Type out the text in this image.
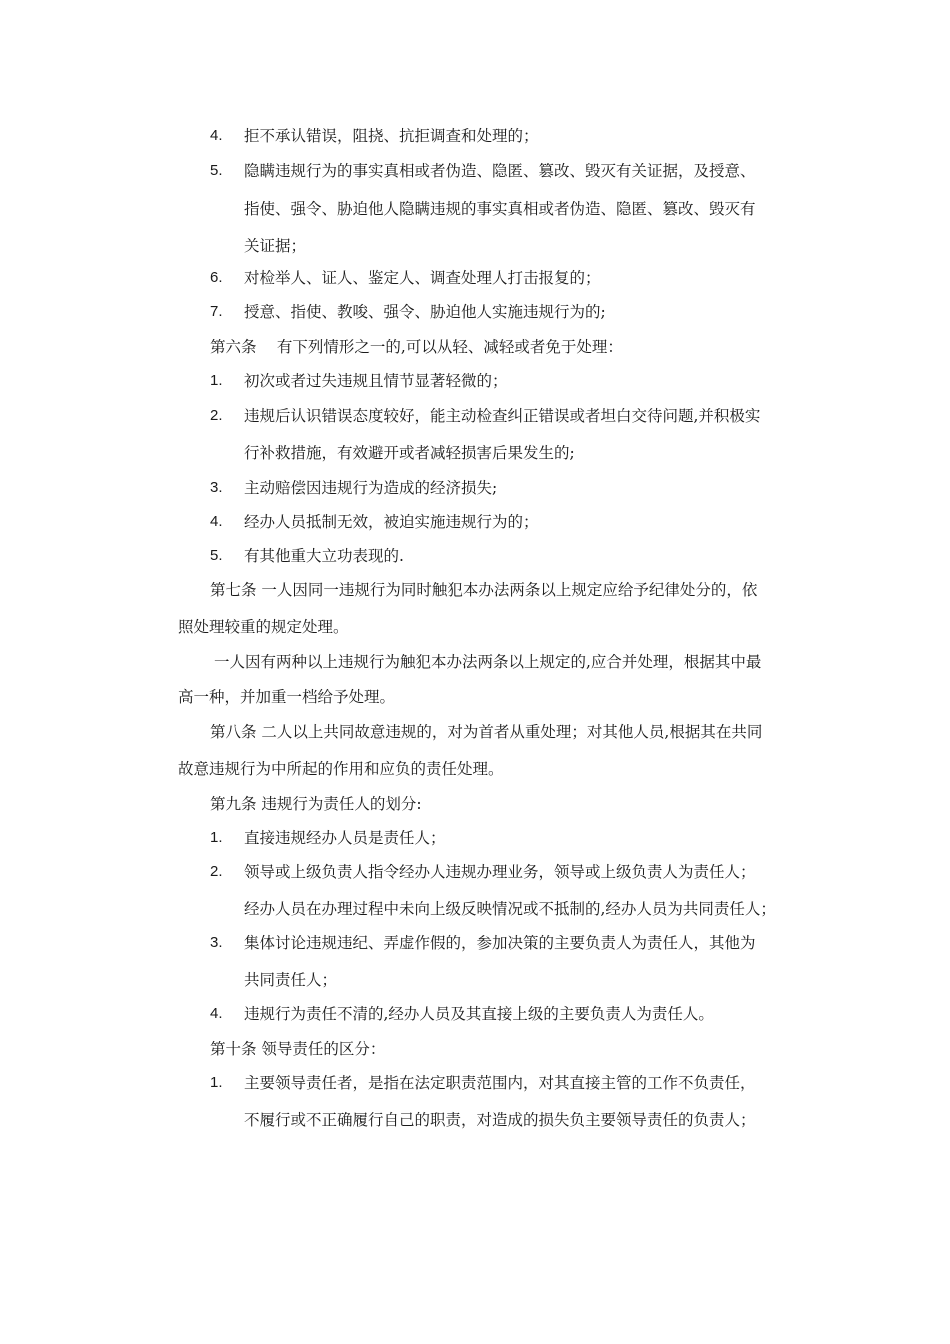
4.	拒不承认错误，阻挠、抗拒调查和处理的；
5.	隐瞒违规行为的事实真相或者伪造、隐匿、篡改、毁灭有关证据，及授意、
指使、强令、胁迫他人隐瞒违规的事实真相或者伪造、隐匿、篡改、毁灭有
关证据；
6.	对检举人、证人、鉴定人、调查处理人打击报复的；
7.	授意、指使、教唆、强令、胁迫他人实施违规行为的;
第六条　 有下列情形之一的,可以从轻、减轻或者免于处理：
1.	初次或者过失违规且情节显著轻微的；
2.	违规后认识错误态度较好，能主动检查纠正错误或者坦白交待问题,并积极实
行补救措施，有效避开或者减轻损害后果发生的;
3.	主动赔偿因违规行为造成的经济损失;
4.	经办人员抵制无效，被迫实施违规行为的；
5.	有其他重大立功表现的.
第七条 一人因同一违规行为同时触犯本办法两条以上规定应给予纪律处分的，依
照处理较重的规定处理。
一人因有两种以上违规行为触犯本办法两条以上规定的,应合并处理，根据其中最
高一种，并加重一档给予处理。
第八条 二人以上共同故意违规的，对为首者从重处理；对其他人员,根据其在共同
故意违规行为中所起的作用和应负的责任处理。
第九条 违规行为责任人的划分:
1.	直接违规经办人员是责任人；
2.	领导或上级负责人指令经办人违规办理业务，领导或上级负责人为责任人；
经办人员在办理过程中未向上级反映情况或不抵制的,经办人员为共同责任人；
3.	集体讨论违规违纪、弄虚作假的，参加决策的主要负责人为责任人，其他为
共同责任人；
4.	违规行为责任不清的,经办人员及其直接上级的主要负责人为责任人。
第十条 领导责任的区分：
1.	主要领导责任者，是指在法定职责范围内，对其直接主管的工作不负责任，
不履行或不正确履行自己的职责，对造成的损失负主要领导责任的负责人；
